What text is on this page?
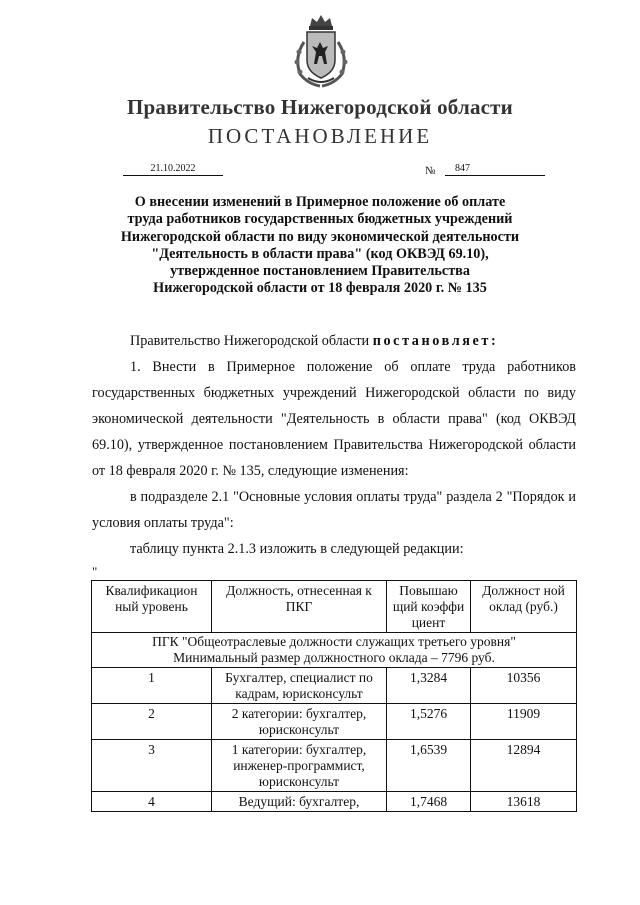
Правительство Нижегородской области
ПОСТАНОВЛЕНИЕ
21.10.2022	№	847
О внесении изменений в Примерное положение об оплате
труда работников государственных бюджетных учреждений
Нижегородской области по виду экономической деятельности
"Деятельность в области права" (код ОКВЭД 69.10),
утвержденное постановлением Правительства
Нижегородской области от 18 февраля 2020 г. № 135
Правительство Нижегородской области постановляет:
1. Внести в Примерное положение об оплате труда работников государственных бюджетных учреждений Нижегородской области по виду экономической деятельности "Деятельность в области права" (код ОКВЭД 69.10), утвержденное постановлением Правительства Нижегородской области от 18 февраля 2020 г. № 135, следующие изменения:
в подразделе 2.1 "Основные условия оплаты труда" раздела 2 "Порядок и условия оплаты труда":
таблицу пункта 2.1.3 изложить в следующей редакции:
"
Квалификацион ный уровень	Должность, отнесенная к ПКГ	Повышаю щий коэффи циент	Должност ной оклад (руб.)

ПГК "Общеотраслевые должности служащих третьего уровня"
Минимальный размер должностного оклада – 7796 руб.			

1	Бухгалтер, специалист по кадрам, юрисконсульт	1,3284	10356
2	2 категории: бухгалтер, юрисконсульт	1,5276	11909
3	1 категории: бухгалтер, инженер-программист, юрисконсульт	1,6539	12894
4	Ведущий: бухгалтер,	1,7468	13618
